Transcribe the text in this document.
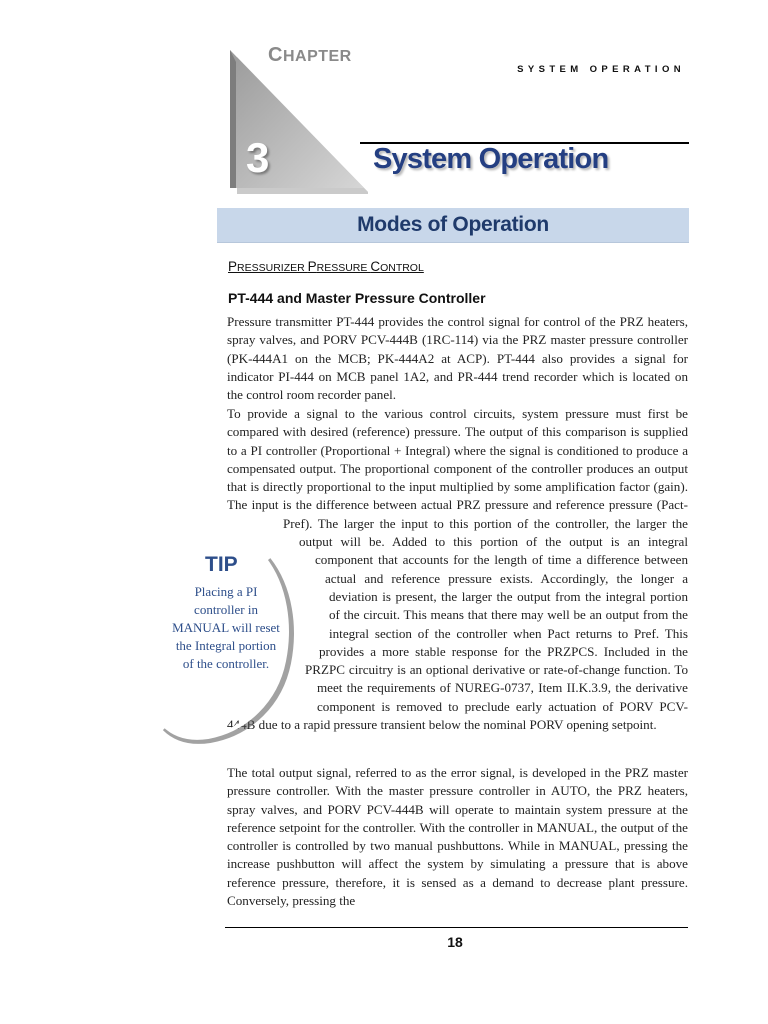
CHAPTER
3
SYSTEM OPERATION
System Operation
Modes of Operation
PRESSURIZER PRESSURE CONTROL
PT-444 and Master Pressure Controller
Pressure transmitter PT-444 provides the control signal for control of the PRZ heaters, spray valves, and PORV PCV-444B (1RC-114) via the PRZ master pressure controller (PK-444A1 on the MCB; PK-444A2 at ACP). PT-444 also provides a signal for indicator PI-444 on MCB panel 1A2, and PR-444 trend recorder which is located on the control room recorder panel.
To provide a signal to the various control circuits, system pressure must first be compared with desired (reference) pressure. The output of this comparison is supplied to a PI controller (Proportional + Integral) where the signal is conditioned to produce a compensated output. The proportional component of the controller produces an output that is directly proportional to the input multiplied by some amplification factor (gain). The input is the difference between actual PRZ pressure and reference pressure (Pact-Pref). The larger the input to this portion of the controller, the larger the output will be. Added to this portion of the output is an integral component that accounts for the length of time a difference between actual and reference pressure exists. Accordingly, the longer a deviation is present, the larger the output from the integral portion of the circuit. This means that there may well be an output from the integral section of the controller when Pact returns to Pref. This provides a more stable response for the PRZPCS. Included in the PRZPC circuitry is an optional derivative or rate-of-change function. To meet the requirements of NUREG-0737, Item II.K.3.9, the derivative component is removed to preclude early actuation of PORV PCV-444B due to a rapid pressure transient below the nominal PORV opening setpoint.
The total output signal, referred to as the error signal, is developed in the PRZ master pressure controller. With the master pressure controller in AUTO, the PRZ heaters, spray valves, and PORV PCV-444B will operate to maintain system pressure at the reference setpoint for the controller. With the controller in MANUAL, the output of the controller is controlled by two manual pushbuttons. While in MANUAL, pressing the increase pushbutton will affect the system by simulating a pressure that is above reference pressure, therefore, it is sensed as a demand to decrease plant pressure. Conversely, pressing the
TIP
Placing a PI controller in MANUAL will reset the Integral portion of the controller.
18
